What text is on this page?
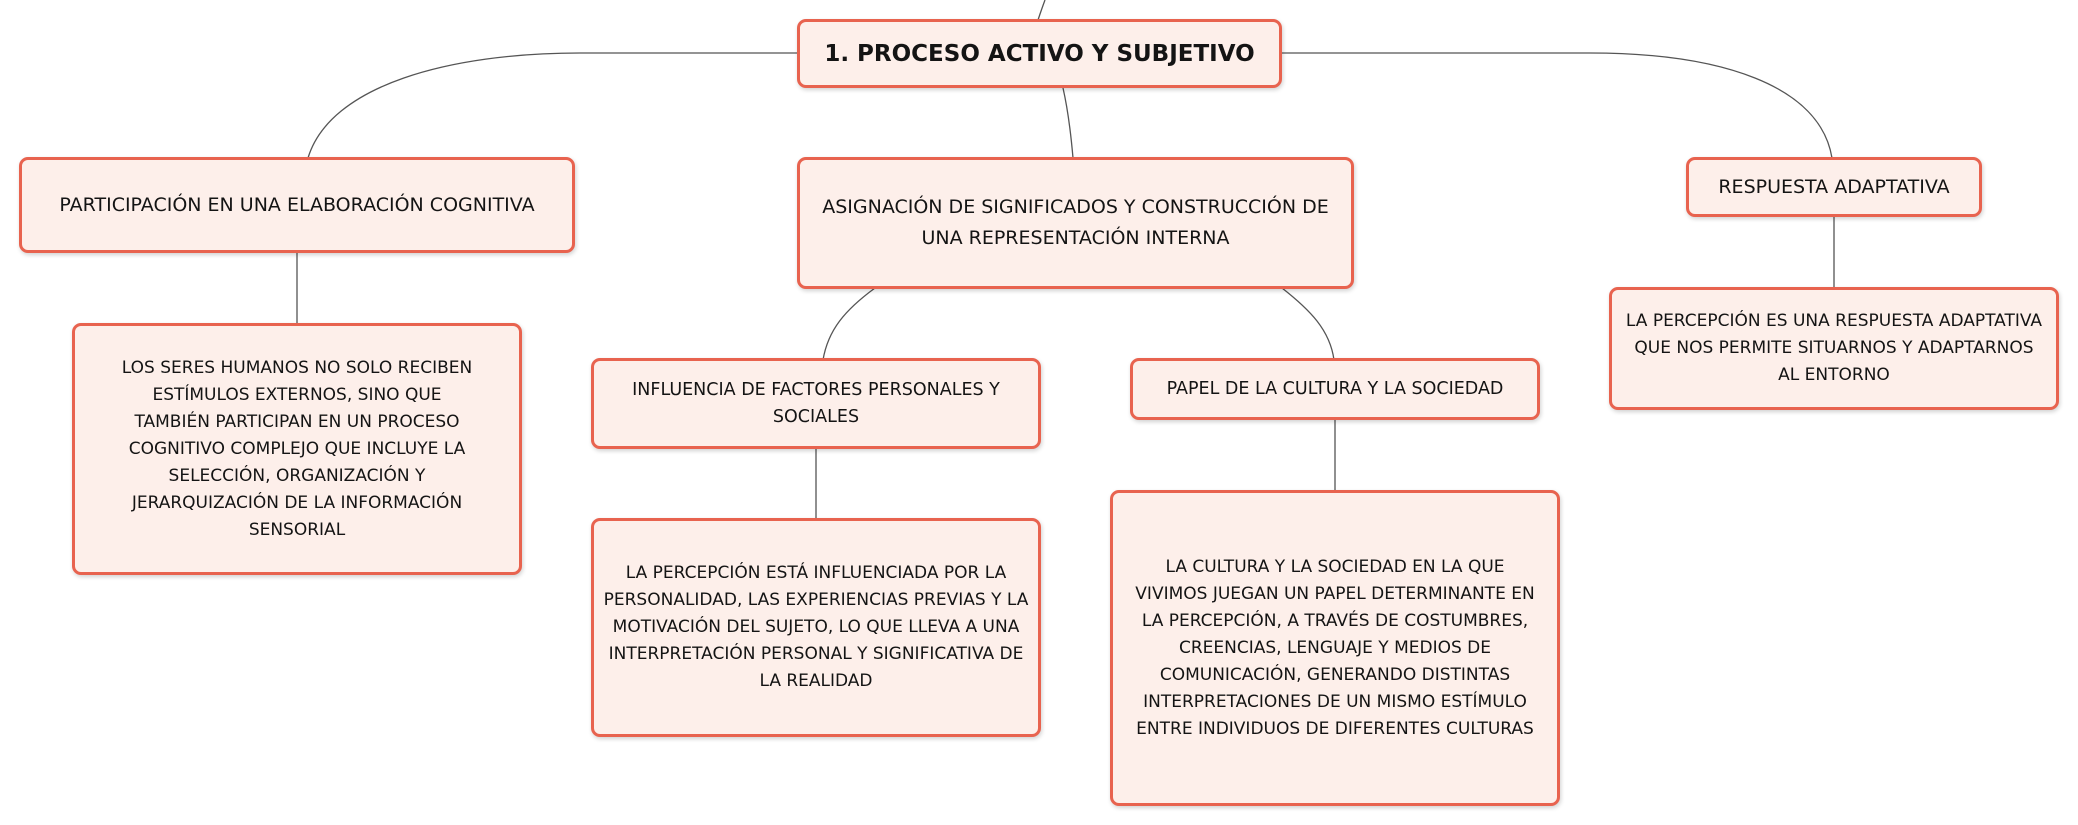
1. PROCESO ACTIVO Y SUBJETIVO
PARTICIPACIÓN EN UNA ELABORACIÓN COGNITIVA
LOS SERES HUMANOS NO SOLO RECIBEN ESTÍMULOS EXTERNOS, SINO QUE TAMBIÉN PARTICIPAN EN UN PROCESO COGNITIVO COMPLEJO QUE INCLUYE LA SELECCIÓN, ORGANIZACIÓN Y JERARQUIZACIÓN DE LA INFORMACIÓN SENSORIAL
ASIGNACIÓN DE SIGNIFICADOS Y CONSTRUCCIÓN DE UNA REPRESENTACIÓN INTERNA
INFLUENCIA DE FACTORES PERSONALES Y SOCIALES
LA PERCEPCIÓN ESTÁ INFLUENCIADA POR LA PERSONALIDAD, LAS EXPERIENCIAS PREVIAS Y LA MOTIVACIÓN DEL SUJETO, LO QUE LLEVA A UNA INTERPRETACIÓN PERSONAL Y SIGNIFICATIVA DE LA REALIDAD
PAPEL DE LA CULTURA Y LA SOCIEDAD
LA CULTURA Y LA SOCIEDAD EN LA QUE VIVIMOS JUEGAN UN PAPEL DETERMINANTE EN LA PERCEPCIÓN, A TRAVÉS DE COSTUMBRES, CREENCIAS, LENGUAJE Y MEDIOS DE COMUNICACIÓN, GENERANDO DISTINTAS INTERPRETACIONES DE UN MISMO ESTÍMULO ENTRE INDIVIDUOS DE DIFERENTES CULTURAS
RESPUESTA ADAPTATIVA
LA PERCEPCIÓN ES UNA RESPUESTA ADAPTATIVA QUE NOS PERMITE SITUARNOS Y ADAPTARNOS AL ENTORNO
